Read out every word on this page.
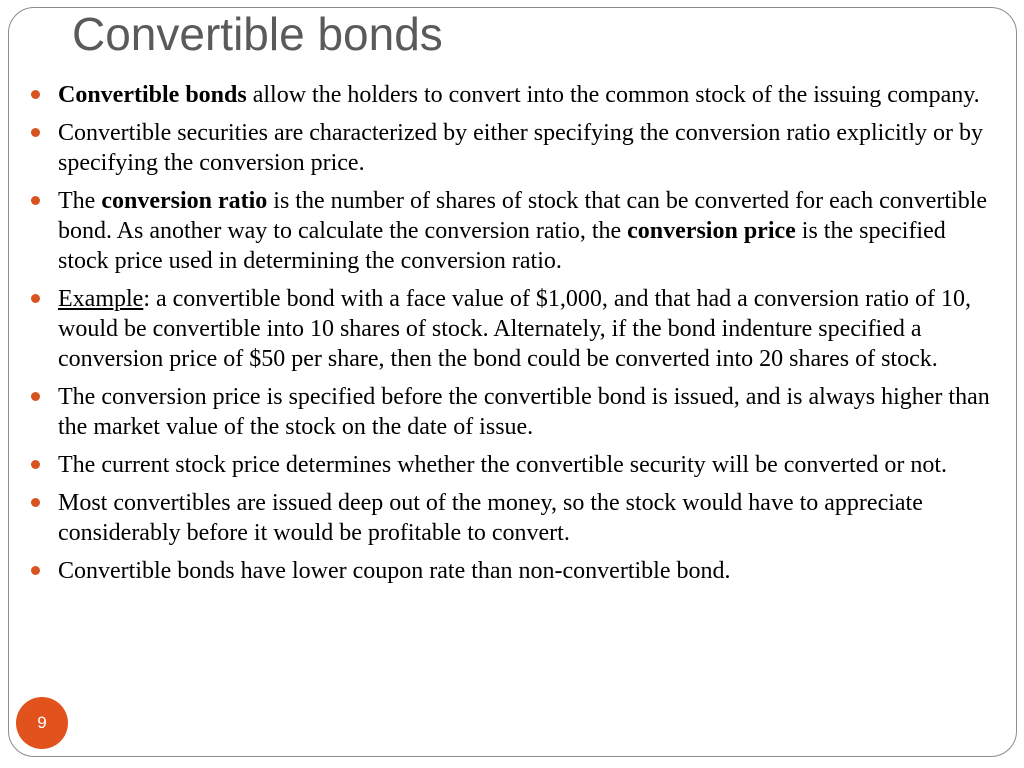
Convertible bonds
Convertible bonds allow the holders to convert into the common stock of the issuing company.
Convertible securities are characterized by either specifying the conversion ratio explicitly or by specifying the conversion price.
The conversion ratio is the number of shares of stock that can be converted for each convertible bond. As another way to calculate the conversion ratio, the conversion price is the specified stock price used in determining the conversion ratio.
Example: a convertible bond with a face value of $1,000, and that had a conversion ratio of 10, would be convertible into 10 shares of stock. Alternately, if the bond indenture specified a conversion price of $50 per share, then the bond could be converted into 20 shares of stock.
The conversion price is specified before the convertible bond is issued, and is always higher than the market value of the stock on the date of issue.
The current stock price determines whether the convertible security will be converted or not.
Most convertibles are issued deep out of the money, so the stock would have to appreciate considerably before it would be profitable to convert.
Convertible bonds have lower coupon rate than non-convertible bond.
9
